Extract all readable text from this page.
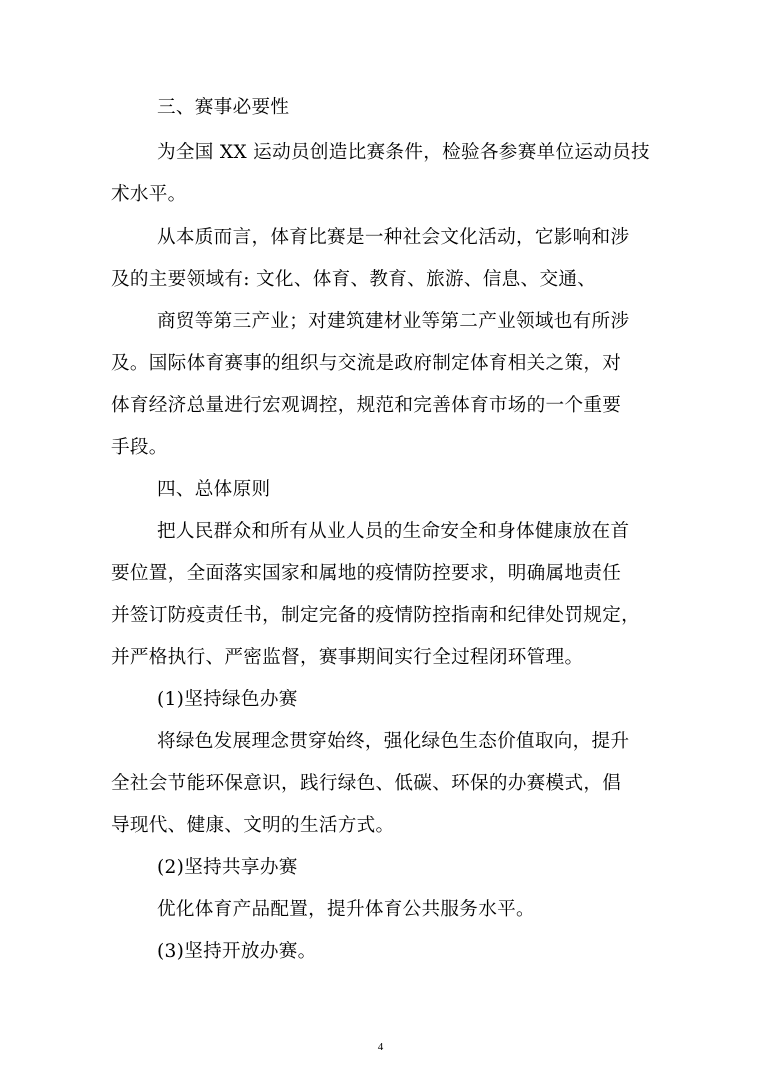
三、赛事必要性
为全国 XX 运动员创造比赛条件，检验各参赛单位运动员技
术水平。
从本质而言，体育比赛是一种社会文化活动，它影响和涉
及的主要领域有: 文化、体育、教育、旅游、信息、交通、
商贸等第三产业；对建筑建材业等第二产业领域也有所涉
及。国际体育赛事的组织与交流是政府制定体育相关之策，对
体育经济总量进行宏观调控，规范和完善体育市场的一个重要
手段。
四、总体原则
把人民群众和所有从业人员的生命安全和身体健康放在首
要位置，全面落实国家和属地的疫情防控要求，明确属地责任
并签订防疫责任书，制定完备的疫情防控指南和纪律处罚规定，
并严格执行、严密监督，赛事期间实行全过程闭环管理。
(1)坚持绿色办赛
将绿色发展理念贯穿始终，强化绿色生态价值取向，提升
全社会节能环保意识，践行绿色、低碳、环保的办赛模式，倡
导现代、健康、文明的生活方式。
(2)坚持共享办赛
优化体育产品配置，提升体育公共服务水平。
(3)坚持开放办赛。
4
